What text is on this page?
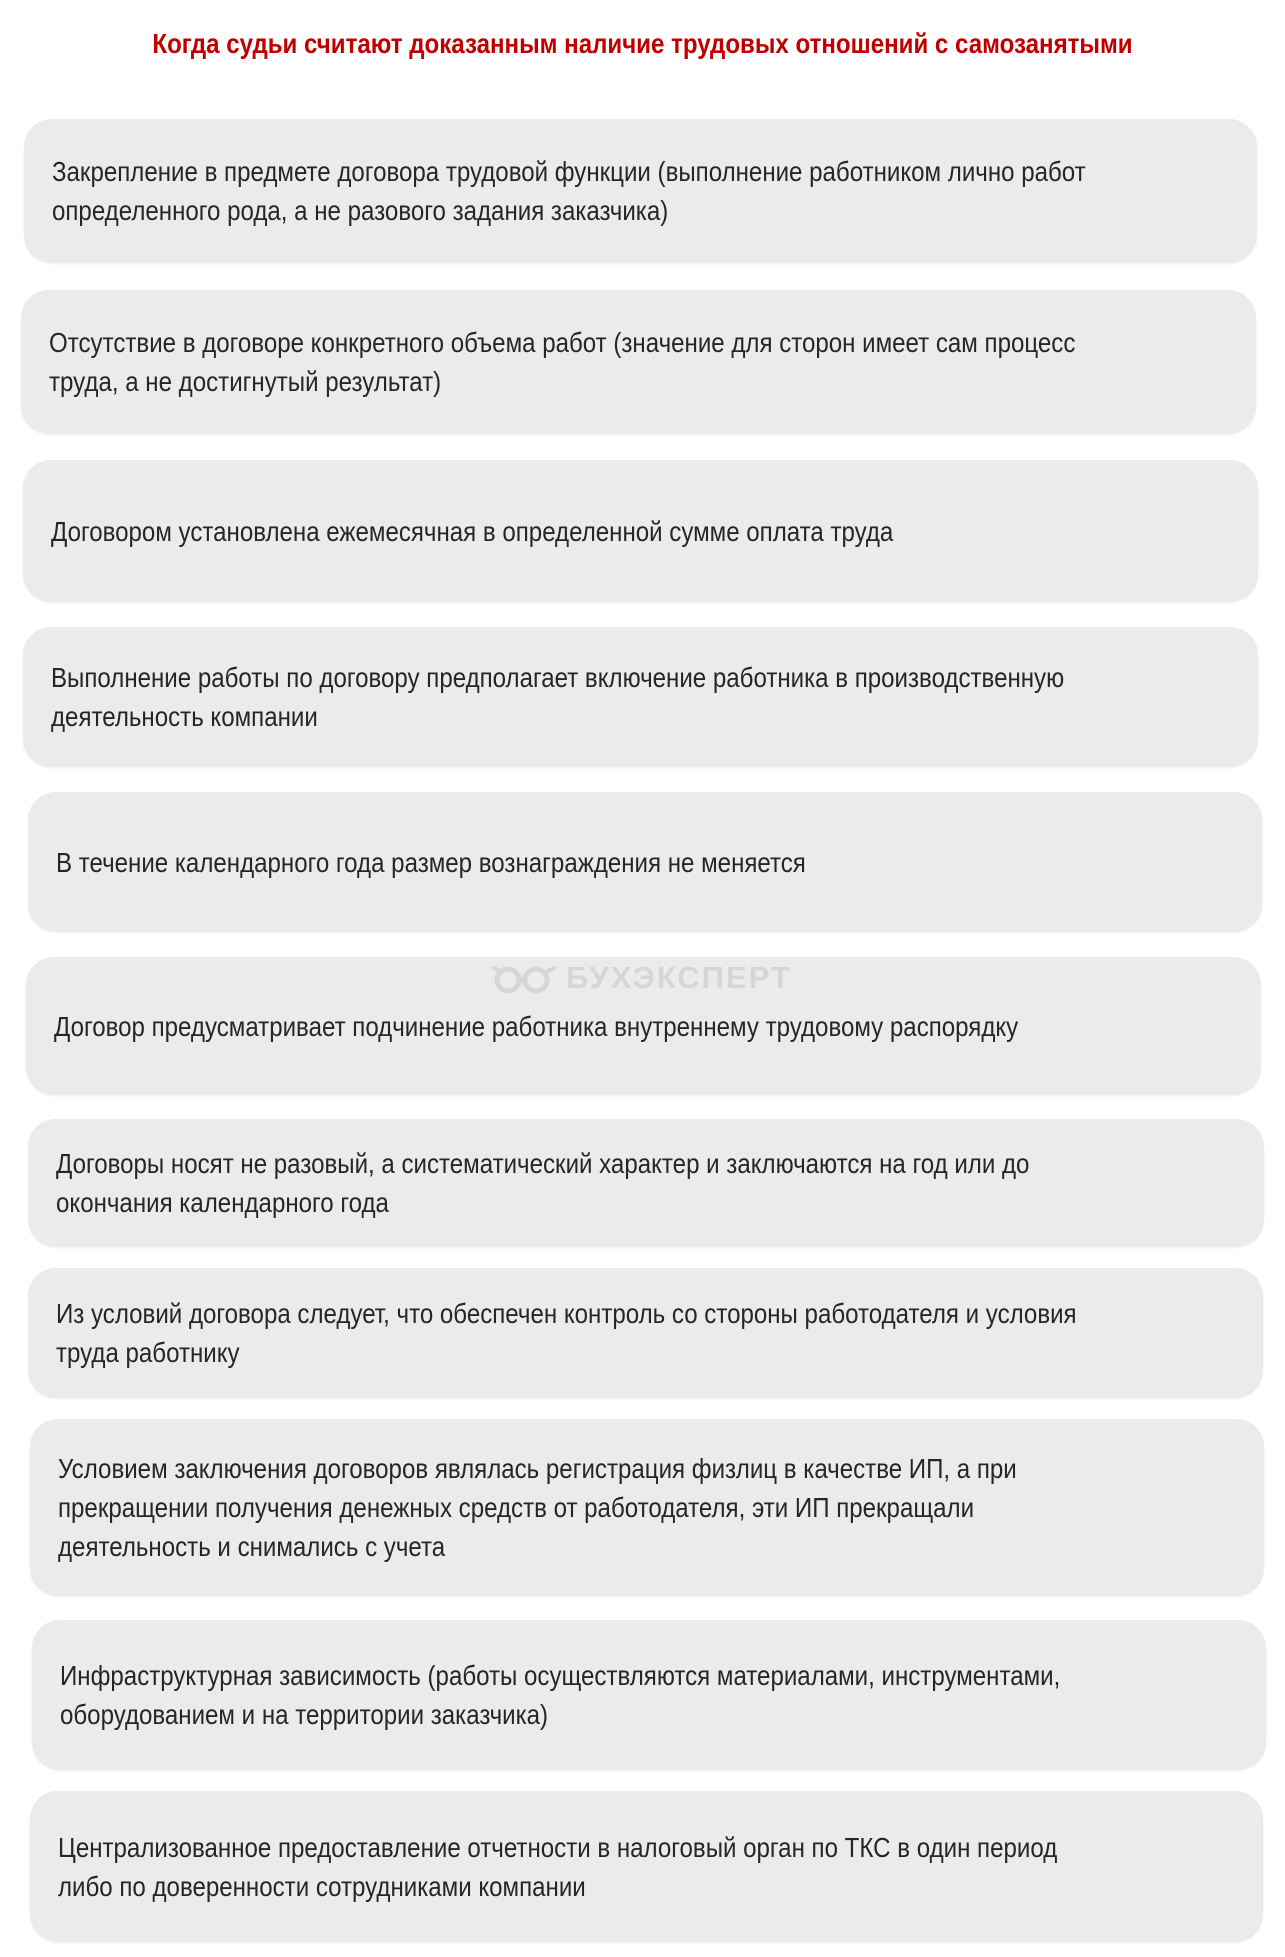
Когда судьи считают доказанным наличие трудовых отношений с самозанятыми
Закрепление в предмете договора трудовой функции (выполнение работником лично работ определенного рода, а не разового задания заказчика)
Отсутствие в договоре конкретного объема работ (значение для сторон имеет сам процесс труда, а не достигнутый результат)
Договором установлена ежемесячная в определенной сумме оплата труда
Выполнение работы по договору предполагает включение работника в производственную деятельность компании
В течение календарного года размер вознаграждения не меняется
Договор предусматривает подчинение работника внутреннему трудовому распорядку
Договоры носят не разовый, а систематический характер и заключаются на год или до окончания календарного года
Из условий договора следует, что обеспечен контроль со стороны работодателя и условия труда работнику
Условием заключения договоров являлась регистрация физлиц в качестве ИП, а при прекращении получения денежных средств от работодателя, эти ИП прекращали деятельность и снимались с учета
Инфраструктурная зависимость (работы осуществляются материалами, инструментами, оборудованием и на территории заказчика)
Централизованное предоставление отчетности в налоговый орган по ТКС в один период либо по доверенности сотрудниками компании
БУХЭКСПЕРТ
